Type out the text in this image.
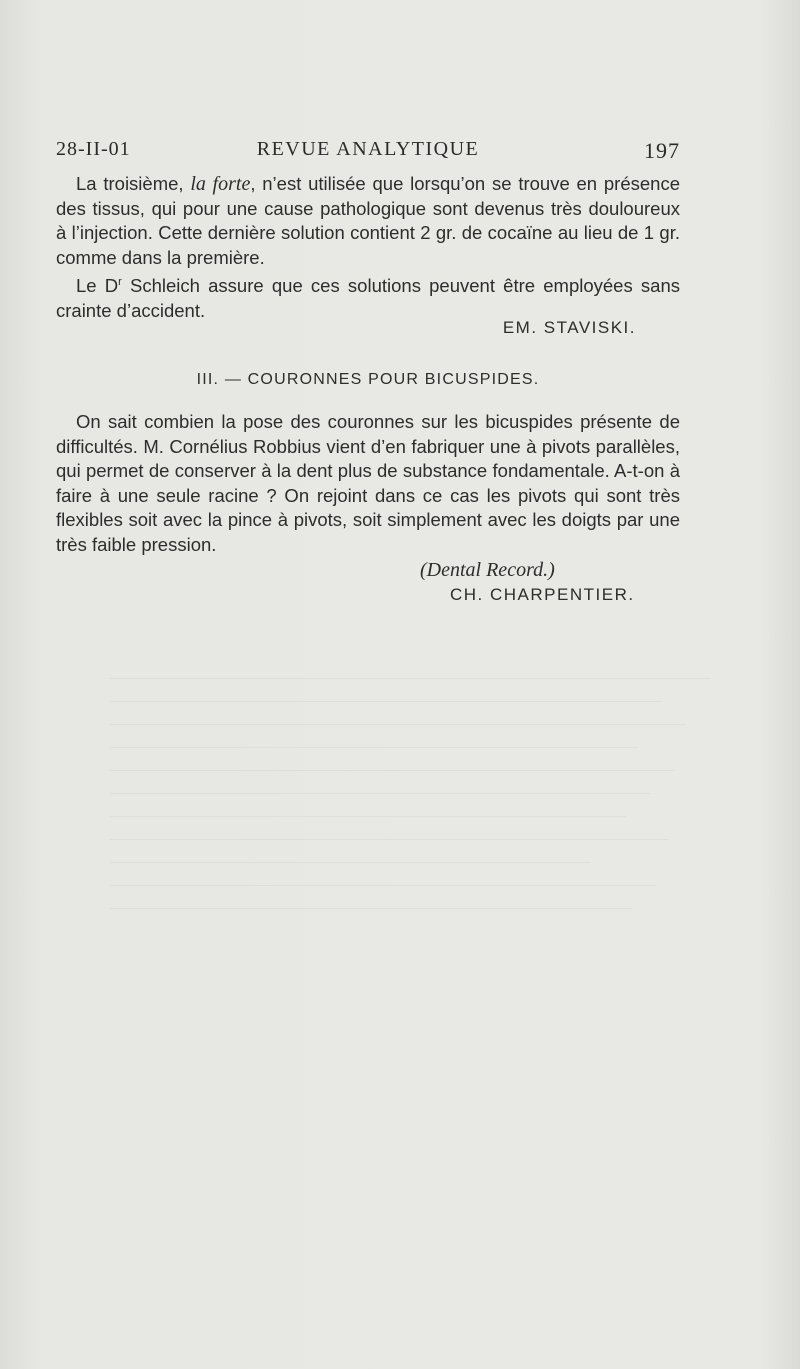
28-II-01	REVUE ANALYTIQUE	197
La troisième, la forte, n’est utilisée que lorsqu’on se trouve en présence des tissus, qui pour une cause pathologique sont devenus très douloureux à l’injection. Cette dernière solution contient 2 gr. de cocaïne au lieu de 1 gr. comme dans la première.
Le $D^r$ Schleich assure que ces solutions peuvent être employées sans crainte d’accident.
EM. STAVISKI.
III. — COURONNES POUR BICUSPIDES.
On sait combien la pose des couronnes sur les bicuspides présente de difficultés. M. Cornélius Robbius vient d’en fabriquer une à pivots parallèles, qui permet de conserver à la dent plus de substance fondamentale. A-t-on à faire à une seule racine ? On rejoint dans ce cas les pivots qui sont très flexibles soit avec la pince à pivots, soit simplement avec les doigts par une très faible pression.
(Dental Record.)
CH. CHARPENTIER.
